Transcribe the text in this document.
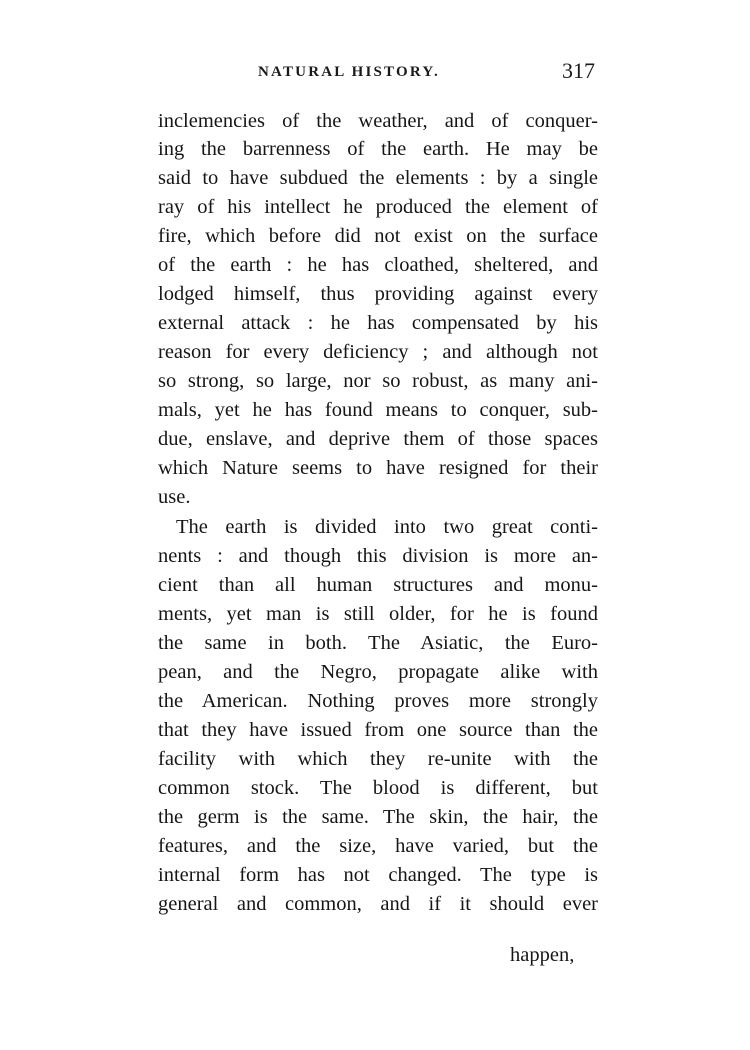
NATURAL HISTORY.	317
inclemencies of the weather, and of conquer-
ing the barrenness of the earth. He may be
said to have subdued the elements : by a single
ray of his intellect he produced the element of
fire, which before did not exist on the surface
of the earth : he has cloathed, sheltered, and
lodged himself, thus providing against every
external attack : he has compensated by his
reason for every deficiency ; and although not
so strong, so large, nor so robust, as many ani-
mals, yet he has found means to conquer, sub-
due, enslave, and deprive them of those spaces
which Nature seems to have resigned for their
use.
The earth is divided into two great conti-
nents : and though this division is more an-
cient than all human structures and monu-
ments, yet man is still older, for he is found
the same in both. The Asiatic, the Euro-
pean, and the Negro, propagate alike with
the American. Nothing proves more strongly
that they have issued from one source than the
facility with which they re-unite with the
common stock. The blood is different, but
the germ is the same. The skin, the hair, the
features, and the size, have varied, but the
internal form has not changed. The type is
general and common, and if it should ever
happen,
